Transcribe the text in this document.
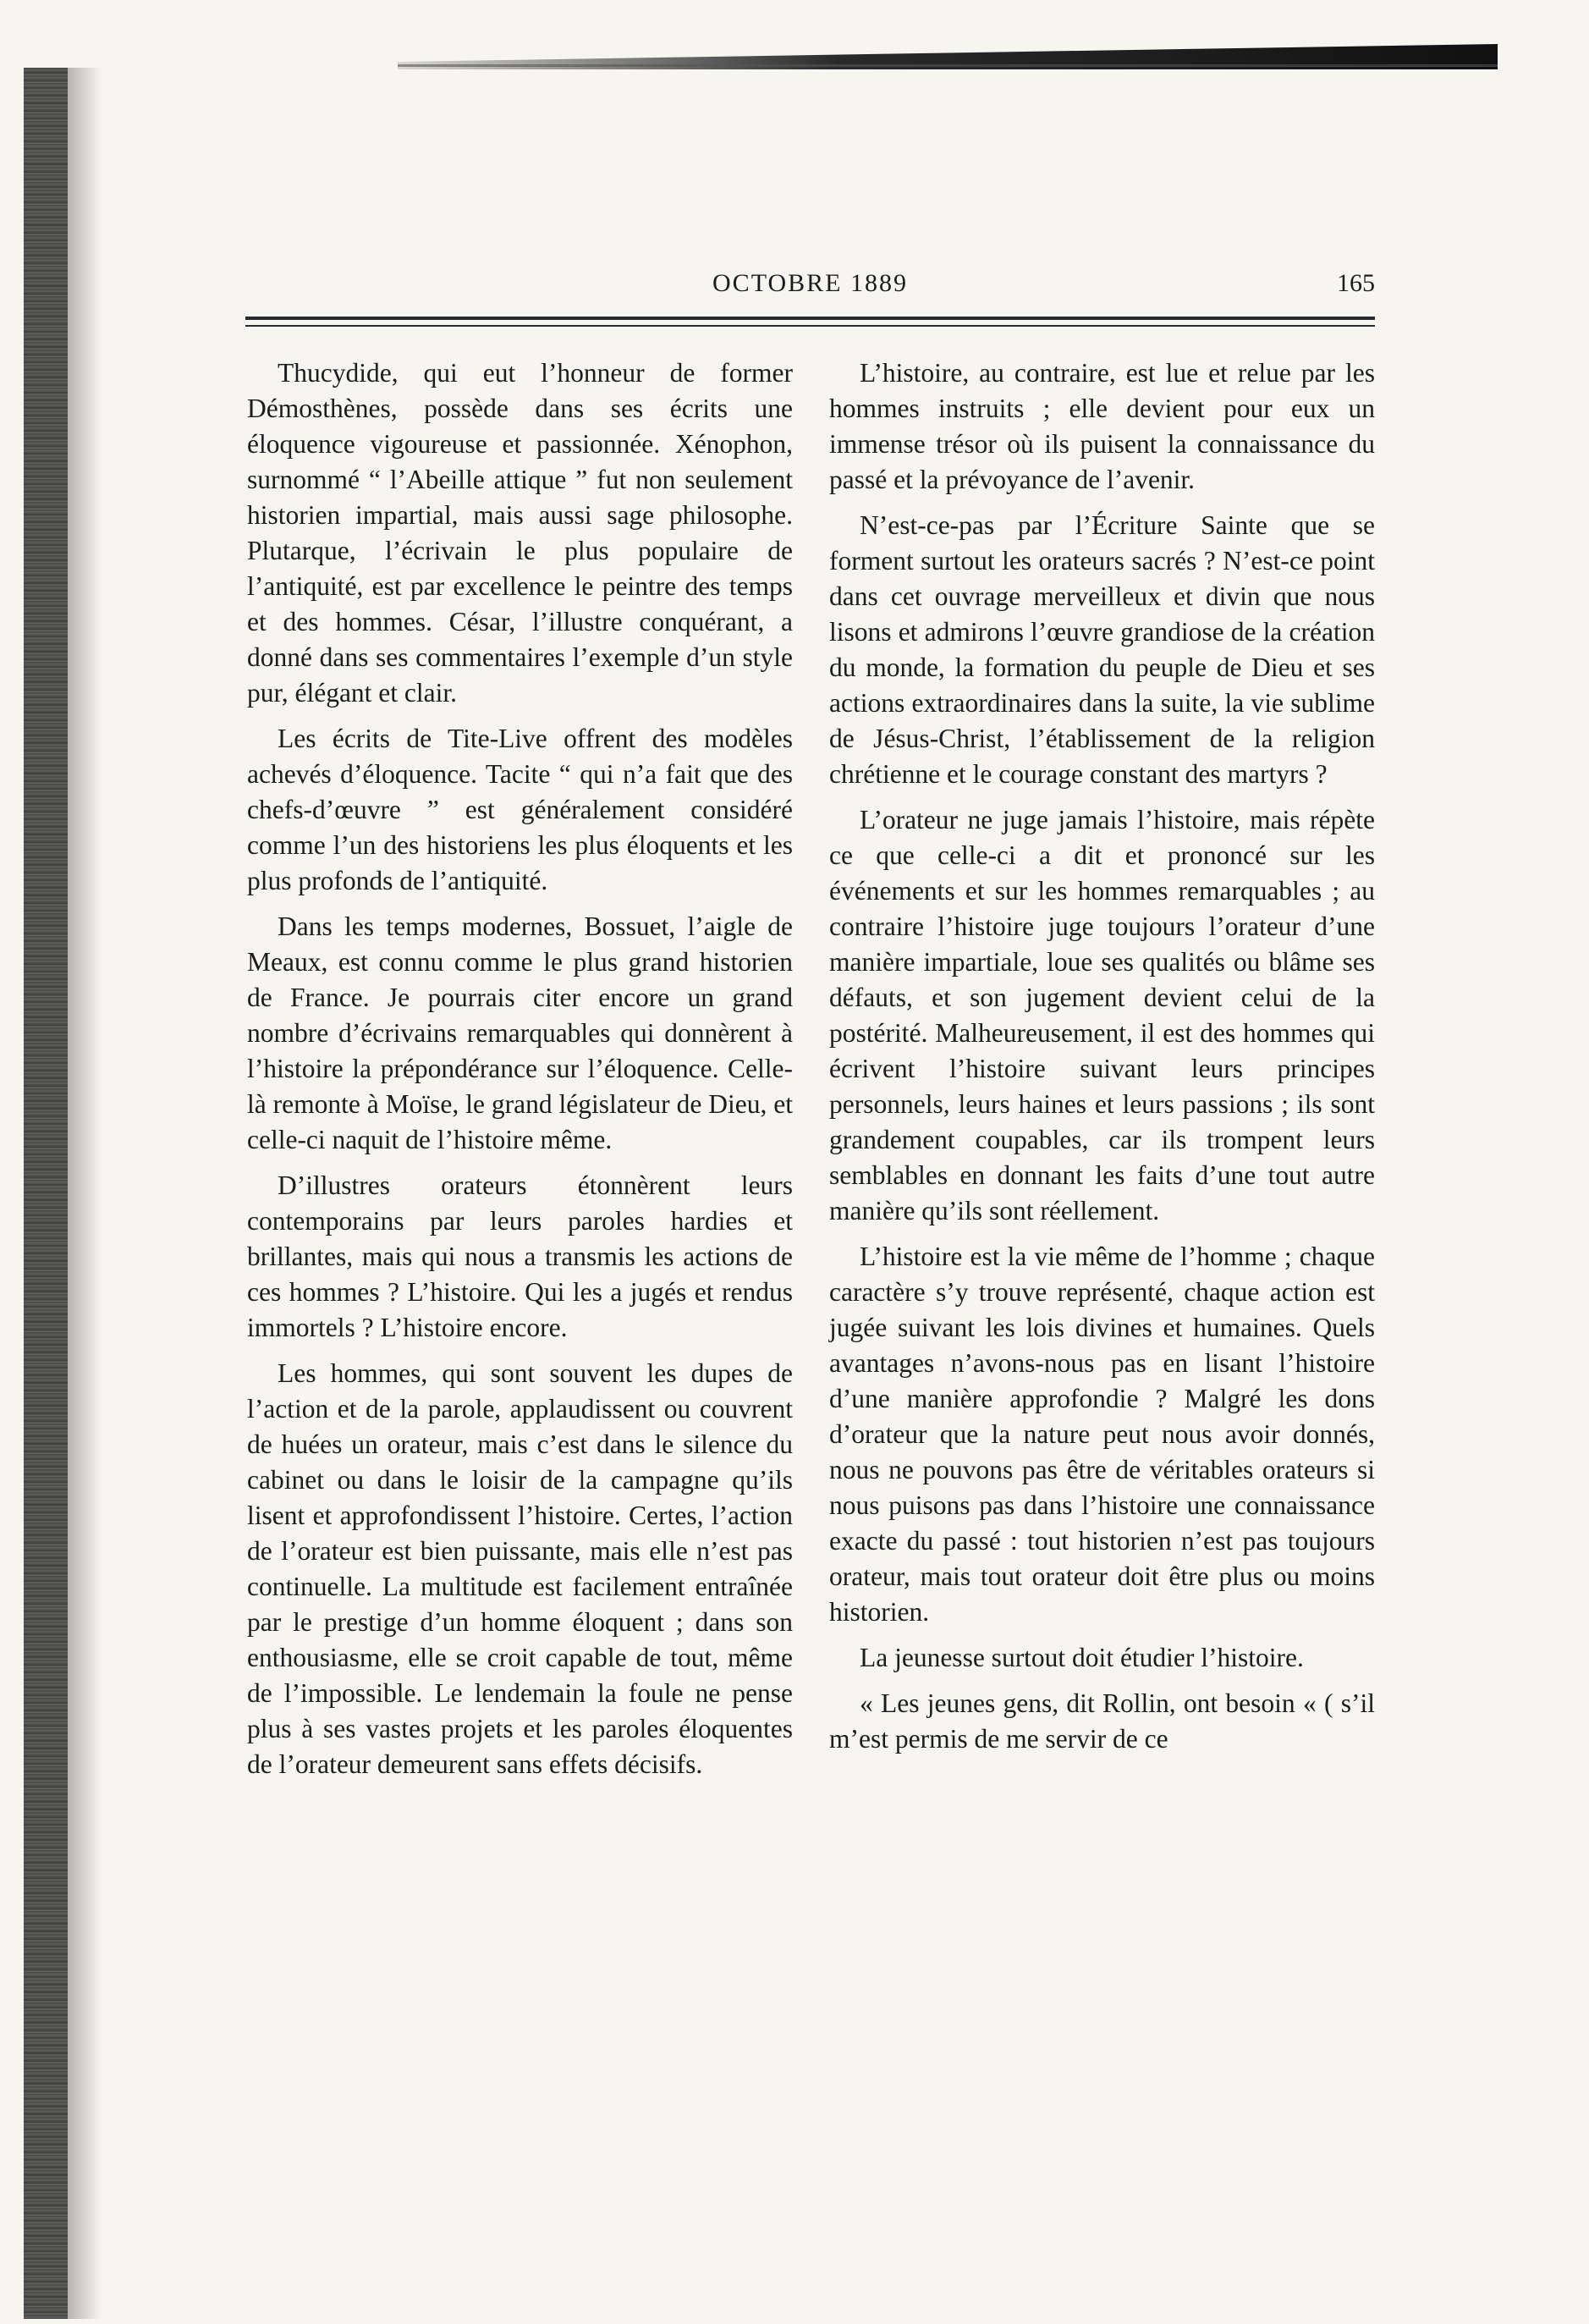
OCTOBRE 1889	165

Thucydide, qui eut l’honneur de former Démosthènes, possède dans ses écrits une éloquence vigoureuse et passionnée. Xénophon, surnommé “ l’Abeille attique ” fut non seulement historien impartial, mais aussi sage philosophe. Plutarque, l’écrivain le plus populaire de l’antiquité, est par excellence le peintre des temps et des hommes. César, l’illustre conquérant, a donné dans ses commentaires l’exemple d’un style pur, élégant et clair.

Les écrits de Tite-Live offrent des modèles achevés d’éloquence. Tacite “ qui n’a fait que des chefs-d’œuvre ” est généralement considéré comme l’un des historiens les plus éloquents et les plus profonds de l’antiquité.

Dans les temps modernes, Bossuet, l’aigle de Meaux, est connu comme le plus grand historien de France. Je pourrais citer encore un grand nombre d’écrivains remarquables qui donnèrent à l’histoire la prépondérance sur l’éloquence. Celle-là remonte à Moïse, le grand législateur de Dieu, et celle-ci naquit de l’histoire même.

D’illustres orateurs étonnèrent leurs contemporains par leurs paroles hardies et brillantes, mais qui nous a transmis les actions de ces hommes ? L’histoire. Qui les a jugés et rendus immortels ? L’histoire encore.

Les hommes, qui sont souvent les dupes de l’action et de la parole, applaudissent ou couvrent de huées un orateur, mais c’est dans le silence du cabinet ou dans le loisir de la campagne qu’ils lisent et approfondissent l’histoire. Certes, l’action de l’orateur est bien puissante, mais elle n’est pas continuelle. La multitude est facilement entraînée par le prestige d’un homme éloquent ; dans son enthousiasme, elle se croit capable de tout, même de l’impossible. Le lendemain la foule ne pense plus à ses vastes projets et les paroles éloquentes de l’orateur demeurent sans effets décisifs.

L’histoire, au contraire, est lue et relue par les hommes instruits ; elle devient pour eux un immense trésor où ils puisent la connaissance du passé et la prévoyance de l’avenir.

N’est-ce-pas par l’Écriture Sainte que se forment surtout les orateurs sacrés ? N’est-ce point dans cet ouvrage merveilleux et divin que nous lisons et admirons l’œuvre grandiose de la création du monde, la formation du peuple de Dieu et ses actions extraordinaires dans la suite, la vie sublime de Jésus-Christ, l’établissement de la religion chrétienne et le courage constant des martyrs ?

L’orateur ne juge jamais l’histoire, mais répète ce que celle-ci a dit et prononcé sur les événements et sur les hommes remarquables ; au contraire l’histoire juge toujours l’orateur d’une manière impartiale, loue ses qualités ou blâme ses défauts, et son jugement devient celui de la postérité. Malheureusement, il est des hommes qui écrivent l’histoire suivant leurs principes personnels, leurs haines et leurs passions ; ils sont grandement coupables, car ils trompent leurs semblables en donnant les faits d’une tout autre manière qu’ils sont réellement.

L’histoire est la vie même de l’homme ; chaque caractère s’y trouve représenté, chaque action est jugée suivant les lois divines et humaines. Quels avantages n’avons-nous pas en lisant l’histoire d’une manière approfondie ? Malgré les dons d’orateur que la nature peut nous avoir donnés, nous ne pouvons pas être de véritables orateurs si nous puisons pas dans l’histoire une connaissance exacte du passé : tout historien n’est pas toujours orateur, mais tout orateur doit être plus ou moins historien.

La jeunesse surtout doit étudier l’histoire.

« Les jeunes gens, dit Rollin, ont besoin « ( s’il m’est permis de me servir de ce
